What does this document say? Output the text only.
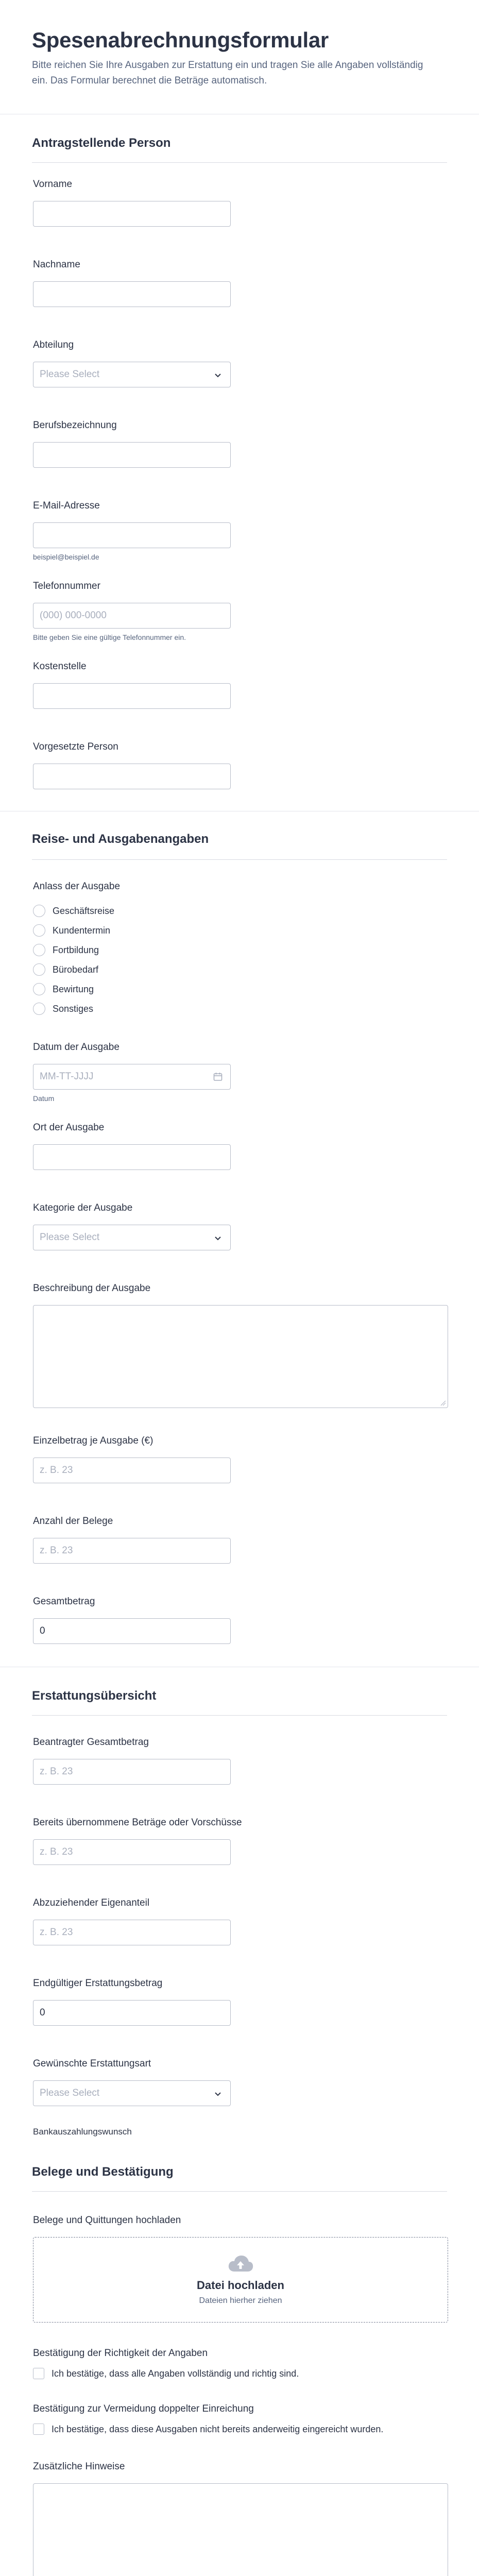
Spesenabrechnungsformular
Bitte reichen Sie Ihre Ausgaben zur Erstattung ein und tragen Sie alle Angaben vollständig ein. Das Formular berechnet die Beträge automatisch.
Antragstellende Person
Vorname
Nachname
Abteilung
Please Select
Berufsbezeichnung
E-Mail-Adresse
beispiel@beispiel.de
Telefonnummer
(000) 000-0000
Bitte geben Sie eine gültige Telefonnummer ein.
Kostenstelle
Vorgesetzte Person
Reise- und Ausgabenangaben
Anlass der Ausgabe
Geschäftsreise
Kundentermin
Fortbildung
Bürobedarf
Bewirtung
Sonstiges
Datum der Ausgabe
MM-TT-JJJJ
Datum
Ort der Ausgabe
Kategorie der Ausgabe
Please Select
Beschreibung der Ausgabe
Einzelbetrag je Ausgabe (€)
z. B. 23
Anzahl der Belege
z. B. 23
Gesamtbetrag
0
Erstattungsübersicht
Beantragter Gesamtbetrag
z. B. 23
Bereits übernommene Beträge oder Vorschüsse
z. B. 23
Abzuziehender Eigenanteil
z. B. 23
Endgültiger Erstattungsbetrag
0
Gewünschte Erstattungsart
Please Select
Bankauszahlungswunsch
Belege und Bestätigung
Belege und Quittungen hochladen
Datei hochladen
Dateien hierher ziehen
Bestätigung der Richtigkeit der Angaben
Ich bestätige, dass alle Angaben vollständig und richtig sind.
Bestätigung zur Vermeidung doppelter Einreichung
Ich bestätige, dass diese Ausgaben nicht bereits anderweitig eingereicht wurden.
Zusätzliche Hinweise
